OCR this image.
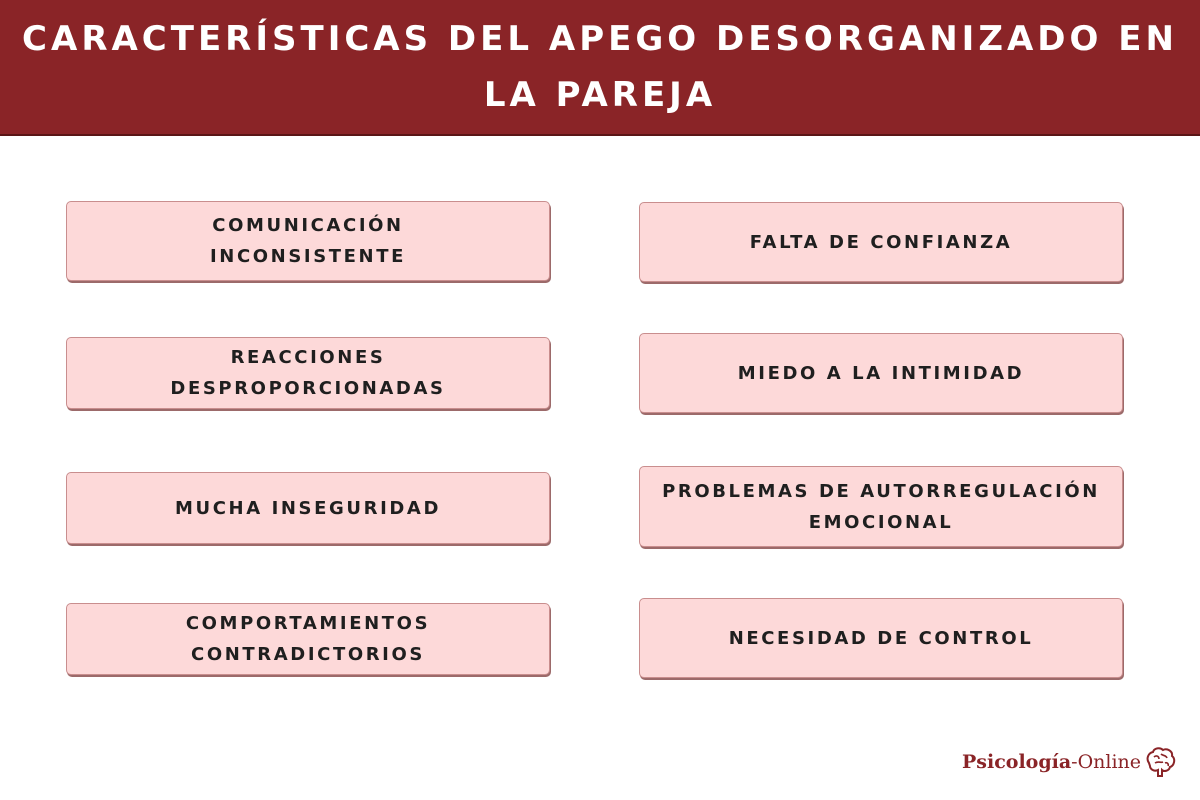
CARACTERÍSTICAS DEL APEGO DESORGANIZADO EN LA PAREJA
COMUNICACIÓN INCONSISTENTE
REACCIONES DESPROPORCIONADAS
MUCHA INSEGURIDAD
COMPORTAMIENTOS CONTRADICTORIOS
FALTA DE CONFIANZA
MIEDO A LA INTIMIDAD
PROBLEMAS DE AUTORREGULACIÓN EMOCIONAL
NECESIDAD DE CONTROL
Psicología-Online
